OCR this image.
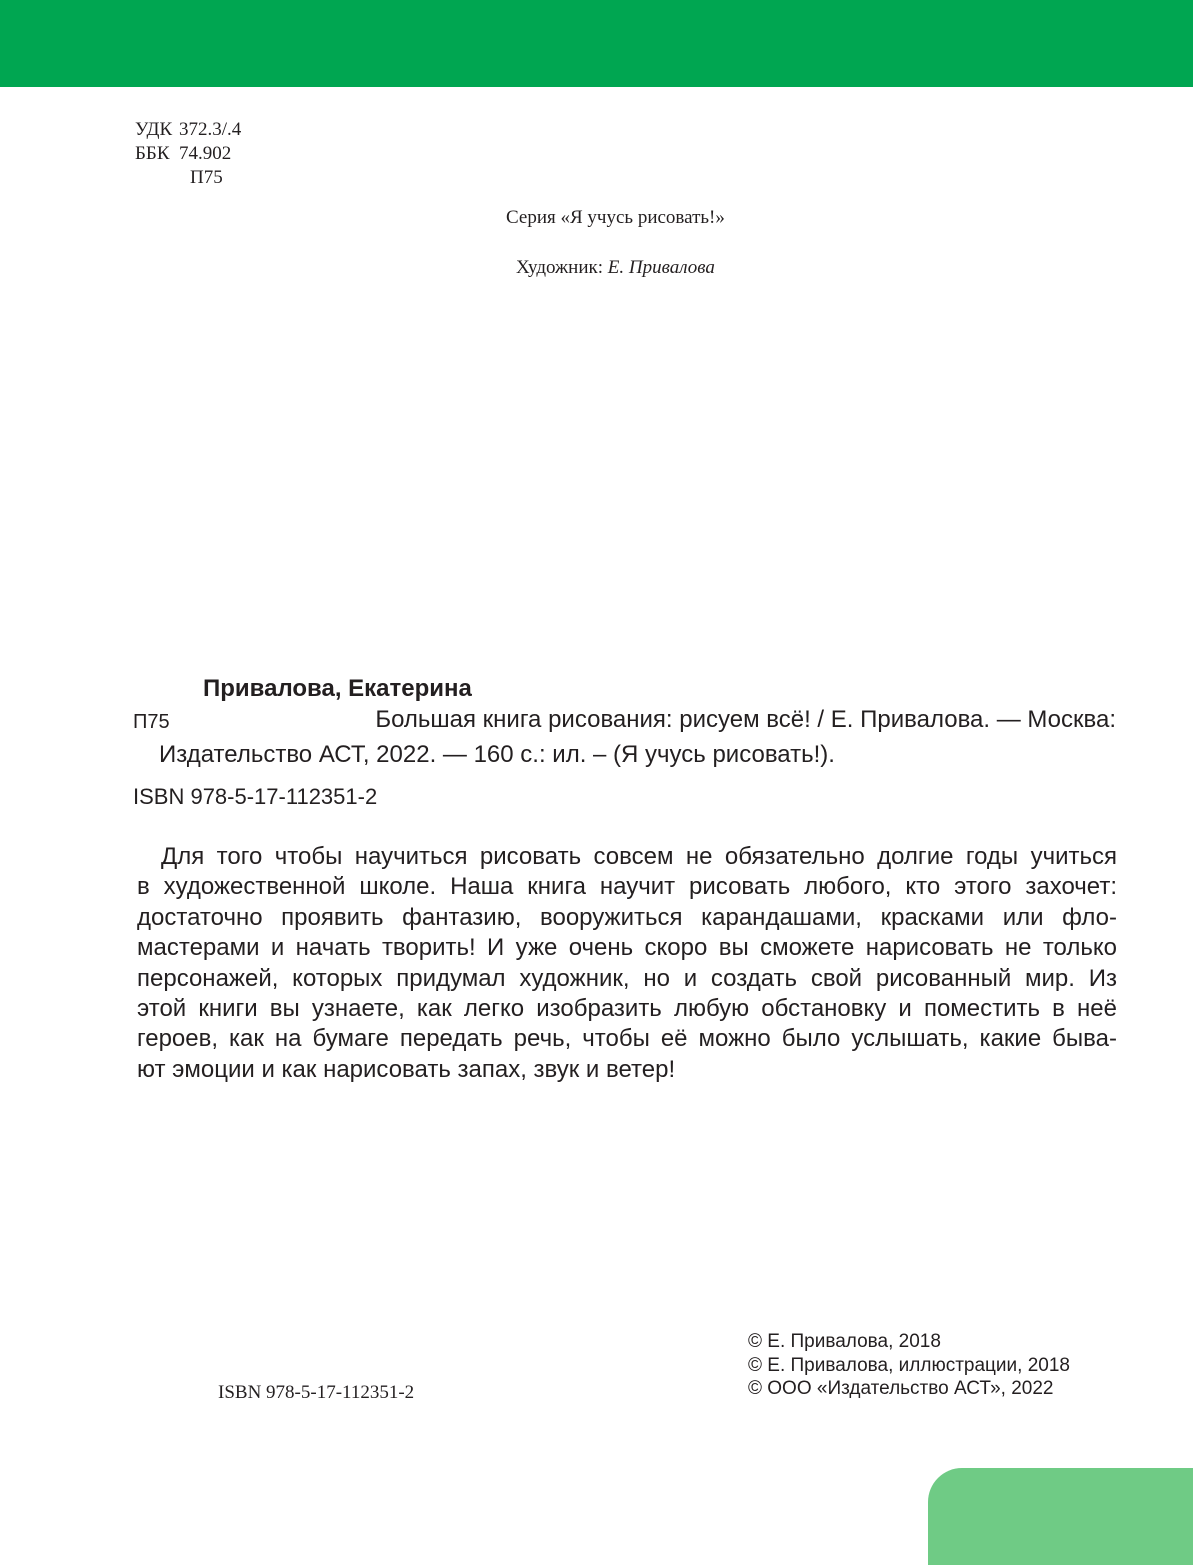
УДК 372.3/.4
ББК 74.902
П75
Серия «Я учусь рисовать!»
Художник: Е. Привалова
Привалова, Екатерина
П75	Большая книга рисования: рисуем всё! / Е. Привалова. — Москва:
Издательство АСТ, 2022. — 160 с.: ил. – (Я учусь рисовать!).
ISBN 978-5-17-112351-2
Для того чтобы научиться рисовать совсем не обязательно долгие годы учиться
в художественной школе. Наша книга научит рисовать любого, кто этого захочет:
достаточно проявить фантазию, вооружиться карандашами, красками или фло-
мастерами и начать творить! И уже очень скоро вы сможете нарисовать не только
персонажей, которых придумал художник, но и создать свой рисованный мир. Из
этой книги вы узнаете, как легко изобразить любую обстановку и поместить в неё
героев, как на бумаге передать речь, чтобы её можно было услышать, какие быва-
ют эмоции и как нарисовать запах, звук и ветер!
© Е. Привалова, 2018
© Е. Привалова, иллюстрации, 2018
© ООО «Издательство АСТ», 2022
ISBN 978-5-17-112351-2
